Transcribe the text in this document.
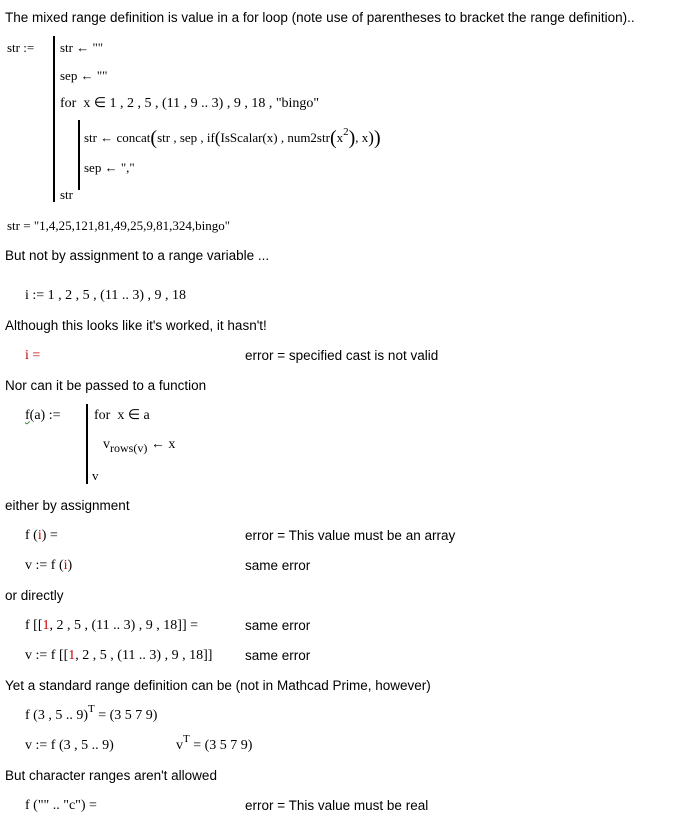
The mixed range definition is value in a for loop (note use of parentheses to bracket the range definition)..
str := str ← ""
sep ← ""
for x ∈ 1 , 2 , 5 , (11 , 9 .. 3) , 9 , 18 , "bingo"
str ← concat(str , sep , if(IsScalar(x) , $num2str(x^2)$, x))
sep ← ","
str
str = "1,4,25,121,81,49,25,9,81,324,bingo"
But not by assignment to a range variable ...
i := 1 , 2 , 5 , (11 .. 3) , 9 , 18
Although this looks like it's worked, it hasn't!
i =	error = specified cast is not valid
Nor can it be passed to a function
f(a) := for x ∈ a
vrows(v) ← x
v
either by assignment
f (i) =	error = This value must be an array
v := f (i)	same error
or directly
f [[1, 2 , 5 , (11 .. 3) , 9 , 18]] =	same error
v := f [[1, 2 , 5 , (11 .. 3) , 9 , 18]] same error
Yet a standard range definition can be (not in Mathcad Prime, however)
f (3 , 5 .. 9)$^T$ = (3 5 7 9)
v := f (3 , 5 .. 9)	$v^T = (3$ 5 7 9)
But character ranges aren't allowed
f ("" .. "c") =	error = This value must be real
